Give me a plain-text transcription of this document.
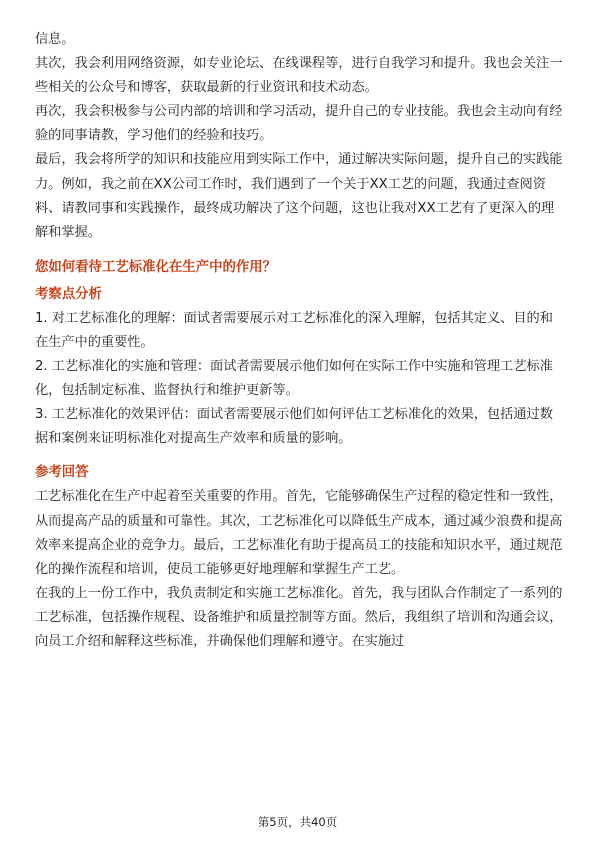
信息。

其次，我会利用网络资源，如专业论坛、在线课程等，进行自我学习和提升。我也会关注一些相关的公众号和博客，获取最新的行业资讯和技术动态。

再次，我会积极参与公司内部的培训和学习活动，提升自己的专业技能。我也会主动向有经验的同事请教，学习他们的经验和技巧。

最后，我会将所学的知识和技能应用到实际工作中，通过解决实际问题，提升自己的实践能力。例如，我之前在XX公司工作时，我们遇到了一个关于XX工艺的问题，我通过查阅资料、请教同事和实践操作，最终成功解决了这个问题，这也让我对XX工艺有了更深入的理解和掌握。

您如何看待工艺标准化在生产中的作用？
考察点分析

1. 对工艺标准化的理解：面试者需要展示对工艺标准化的深入理解，包括其定义、目的和在生产中的重要性。

2. 工艺标准化的实施和管理：面试者需要展示他们如何在实际工作中实施和管理工艺标准化，包括制定标准、监督执行和维护更新等。

3. 工艺标准化的效果评估：面试者需要展示他们如何评估工艺标准化的效果，包括通过数据和案例来证明标准化对提高生产效率和质量的影响。

参考回答

工艺标准化在生产中起着至关重要的作用。首先，它能够确保生产过程的稳定性和一致性，从而提高产品的质量和可靠性。其次，工艺标准化可以降低生产成本，通过减少浪费和提高效率来提高企业的竞争力。最后，工艺标准化有助于提高员工的技能和知识水平，通过规范化的操作流程和培训，使员工能够更好地理解和掌握生产工艺。

在我的上一份工作中，我负责制定和实施工艺标准化。首先，我与团队合作制定了一系列的工艺标准，包括操作规程、设备维护和质量控制等方面。然后，我组织了培训和沟通会议，向员工介绍和解释这些标准，并确保他们理解和遵守。在实施过

第5页，共40页
